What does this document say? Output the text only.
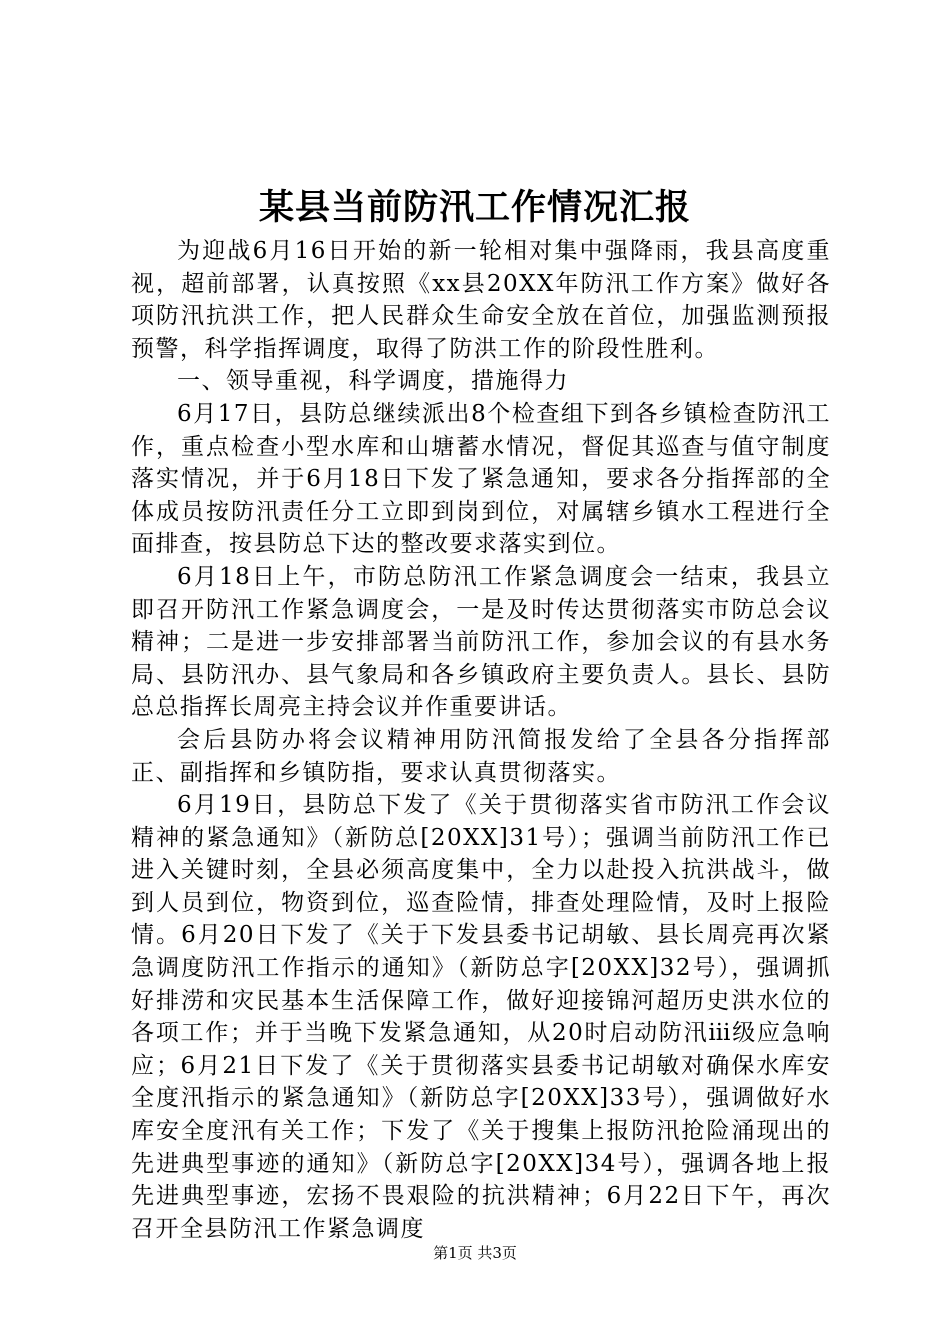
某县当前防汛工作情况汇报

为迎战6月16日开始的新一轮相对集中强降雨，我县高度重视，超前部署，认真按照《xx县20XX年防汛工作方案》做好各项防汛抗洪工作，把人民群众生命安全放在首位，加强监测预报预警，科学指挥调度，取得了防洪工作的阶段性胜利。

一、领导重视，科学调度，措施得力

6月17日，县防总继续派出8个检查组下到各乡镇检查防汛工作，重点检查小型水库和山塘蓄水情况，督促其巡查与值守制度落实情况，并于6月18日下发了紧急通知，要求各分指挥部的全体成员按防汛责任分工立即到岗到位，对属辖乡镇水工程进行全面排查，按县防总下达的整改要求落实到位。

6月18日上午，市防总防汛工作紧急调度会一结束，我县立即召开防汛工作紧急调度会，一是及时传达贯彻落实市防总会议精神；二是进一步安排部署当前防汛工作，参加会议的有县水务局、县防汛办、县气象局和各乡镇政府主要负责人。县长、县防总总指挥长周亮主持会议并作重要讲话。

会后县防办将会议精神用防汛简报发给了全县各分指挥部正、副指挥和乡镇防指，要求认真贯彻落实。

6月19日，县防总下发了《关于贯彻落实省市防汛工作会议精神的紧急通知》（新防总[20XX]31号）；强调当前防汛工作已进入关键时刻，全县必须高度集中，全力以赴投入抗洪战斗，做到人员到位，物资到位，巡查险情，排查处理险情，及时上报险情。6月20日下发了《关于下发县委书记胡敏、县长周亮再次紧急调度防汛工作指示的通知》（新防总字[20XX]32号），强调抓好排涝和灾民基本生活保障工作，做好迎接锦河超历史洪水位的各项工作；并于当晚下发紧急通知，从20时启动防汛ⅲ级应急响应；6月21日下发了《关于贯彻落实县委书记胡敏对确保水库安全度汛指示的紧急通知》（新防总字[20XX]33号），强调做好水库安全度汛有关工作；下发了《关于搜集上报防汛抢险涌现出的先进典型事迹的通知》（新防总字[20XX]34号），强调各地上报先进典型事迹，宏扬不畏艰险的抗洪精神；6月22日下午，再次召开全县防汛工作紧急调度

第1页 共3页
